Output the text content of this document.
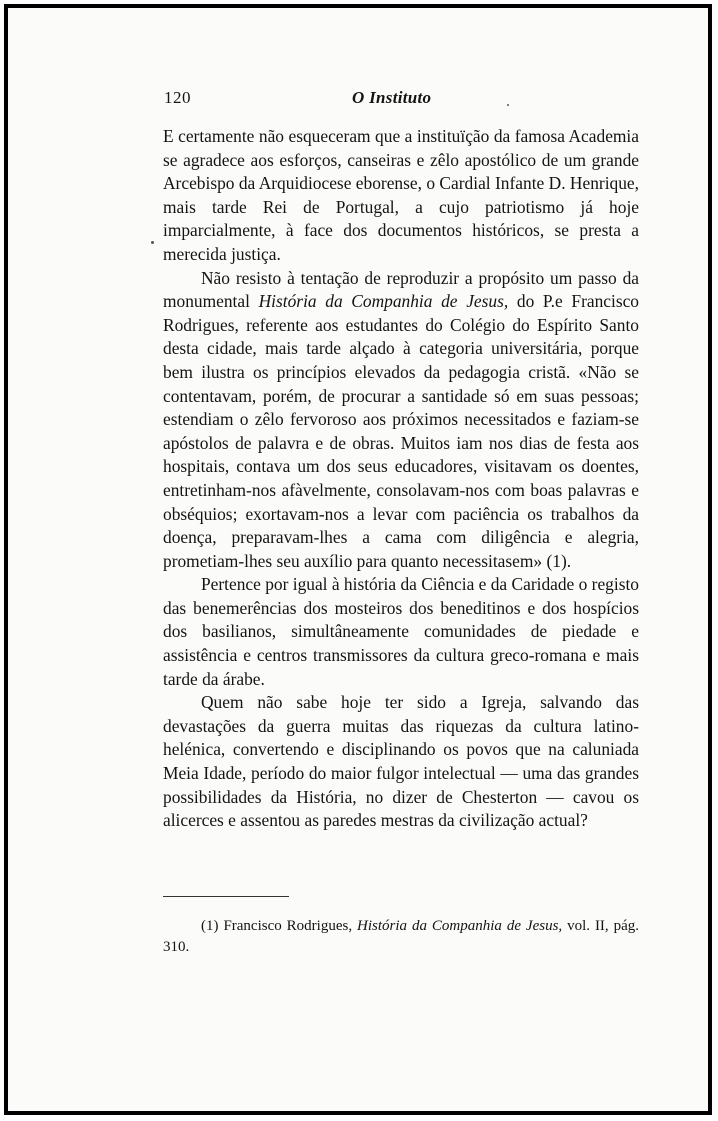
120	O Instituto

E certamente não esqueceram que a instituïção da famosa Academia se agradece aos esforços, canseiras e zêlo apostólico de um grande Arcebispo da Arquidiocese eborense, o Cardial Infante D. Henrique, mais tarde Rei de Portugal, a cujo patriotismo já hoje imparcialmente, à face dos documentos históricos, se presta a merecida justiça.

Não resisto à tentação de reproduzir a propósito um passo da monumental História da Companhia de Jesus, do P.e Francisco Rodrigues, referente aos estudantes do Colégio do Espírito Santo desta cidade, mais tarde alçado à categoria universitária, porque bem ilustra os princípios elevados da pedagogia cristã. «Não se contentavam, porém, de procurar a santidade só em suas pessoas; estendiam o zêlo fervoroso aos próximos necessitados e faziam-se apóstolos de palavra e de obras. Muitos iam nos dias de festa aos hospitais, contava um dos seus educadores, visitavam os doentes, entretinham-nos afàvelmente, consolavam-nos com boas palavras e obséquios; exortavam-nos a levar com paciência os trabalhos da doença, preparavam-lhes a cama com diligência e alegria, prometiam-lhes seu auxílio para quanto necessitasem» (1).

Pertence por igual à história da Ciência e da Caridade o registo das benemerências dos mosteiros dos beneditinos e dos hospícios dos basilianos, simultâneamente comunidades de piedade e assistência e centros transmissores da cultura greco-romana e mais tarde da árabe.

Quem não sabe hoje ter sido a Igreja, salvando das devastações da guerra muitas das riquezas da cultura latino-helénica, convertendo e disciplinando os povos que na caluniada Meia Idade, período do maior fulgor intelectual — uma das grandes possibilidades da História, no dizer de Chesterton — cavou os alicerces e assentou as paredes mestras da civilização actual?

(1) Francisco Rodrigues, História da Companhia de Jesus, vol. II, pág. 310.
